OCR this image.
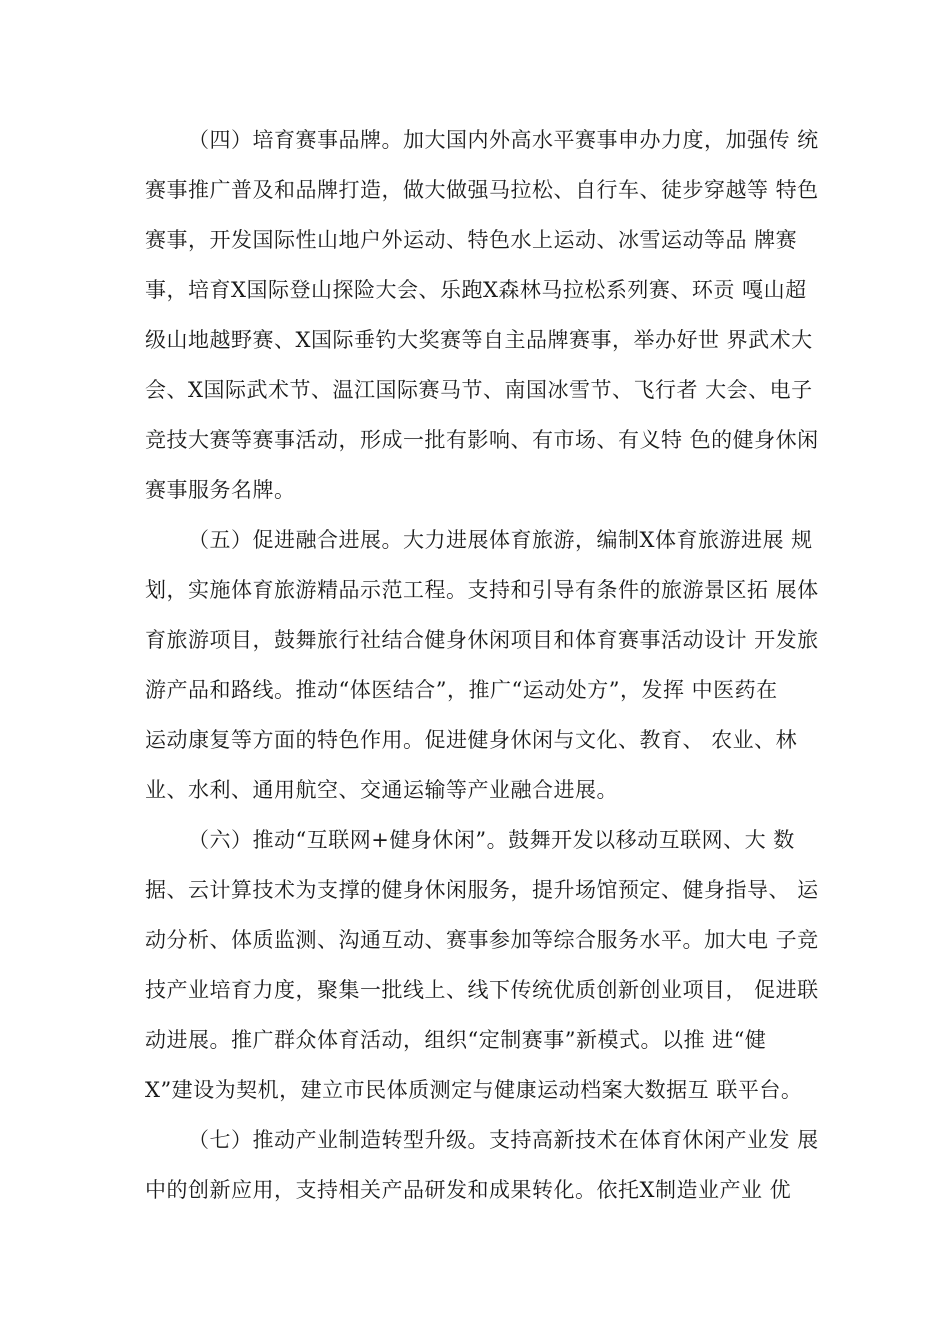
（四）培育赛事品牌。加大国内外高水平赛事申办力度，加强传 统
赛事推广普及和品牌打造，做大做强马拉松、自行车、徒步穿越等 特色
赛事，开发国际性山地户外运动、特色水上运动、冰雪运动等品 牌赛
事，培育X国际登山探险大会、乐跑X森林马拉松系列赛、环贡 嘎山超
级山地越野赛、X国际垂钓大奖赛等自主品牌赛事，举办好世 界武术大
会、X国际武术节、温江国际赛马节、南国冰雪节、飞行者 大会、电子
竞技大赛等赛事活动，形成一批有影响、有市场、有义特 色的健身休闲
赛事服务名牌。
（五）促进融合进展。大力进展体育旅游，编制X体育旅游进展 规
划，实施体育旅游精品示范工程。支持和引导有条件的旅游景区拓 展体
育旅游项目，鼓舞旅行社结合健身休闲项目和体育赛事活动设计 开发旅
游产品和路线。推动“体医结合”，推广“运动处方”，发挥 中医药在
运动康复等方面的特色作用。促进健身休闲与文化、教育、 农业、林
业、水利、通用航空、交通运输等产业融合进展。
（六）推动“互联网+健身休闲”。鼓舞开发以移动互联网、大 数
据、云计算技术为支撑的健身休闲服务，提升场馆预定、健身指导、 运
动分析、体质监测、沟通互动、赛事参加等综合服务水平。加大电 子竞
技产业培育力度，聚集一批线上、线下传统优质创新创业项目， 促进联
动进展。推广群众体育活动，组织“定制赛事”新模式。以推 进“健
X”建设为契机，建立市民体质测定与健康运动档案大数据互 联平台。
（七）推动产业制造转型升级。支持高新技术在体育休闲产业发 展
中的创新应用，支持相关产品研发和成果转化。依托X制造业产业 优
